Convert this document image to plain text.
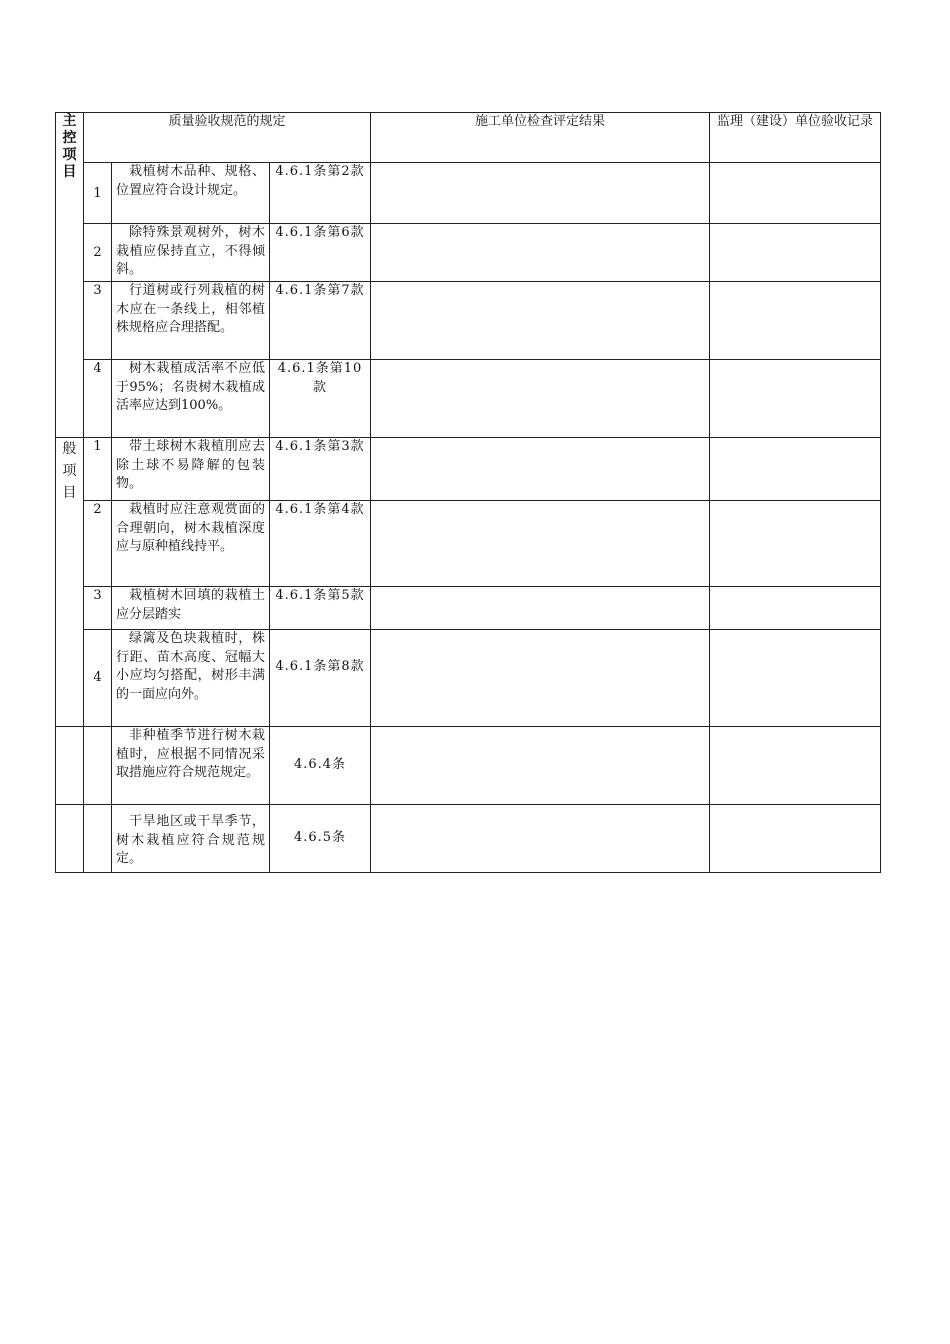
主控项目	质量验收规范的规定			施工单位检查评定结果	监理（建设）单位验收记录
	1	栽植树木品种、规格、位置应符合设计规定。	4.6.1条第2款		
	2	除特殊景观树外，树木栽植应保持直立，不得倾斜。	4.6.1条第6款		
	3	行道树或行列栽植的树木应在一条线上，相邻植株规格应合理搭配。	4.6.1条第7款		
	4	树木栽植成活率不应低于95%；名贵树木栽植成活率应达到100%。	4.6.1条第10款		
般项目	1	带土球树木栽植刖应去除土球不易降解的包装物。	4.6.1条第3款		
	2	栽植时应注意观赏面的合理朝向，树木栽植深度应与原种植线持平。	4.6.1条第4款		
	3	栽植树木回填的栽植土应分层踏实	4.6.1条第5款		
	4	绿篱及色块栽植时，株行距、苗木高度、冠幅大小应均匀搭配，树形丰满的一面应向外。	4.6.1条第8款		
		非种植季节进行树木栽植时，应根据不同情况采取措施应符合规范规定。	4.6.4条		
		干旱地区或干旱季节，树木栽植应符合规范规定。	4.6.5条		
